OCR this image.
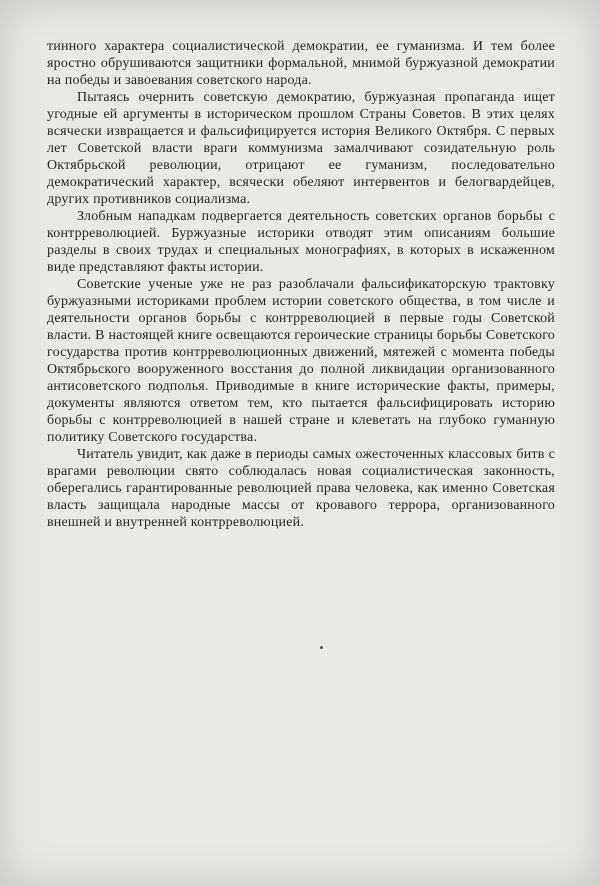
тинного характера социалистической демократии, ее гуманизма. И тем более яростно обрушиваются защитники формальной, мнимой буржуазной демократии на победы и завоевания советского народа.

Пытаясь очернить советскую демократию, буржуазная пропаганда ищет угодные ей аргументы в историческом прошлом Страны Советов. В этих целях всячески извращается и фальсифицируется история Великого Октября. С первых лет Советской власти враги коммунизма замалчивают созидательную роль Октябрьской революции, отрицают ее гуманизм, последовательно демократический характер, всячески обеляют интервентов и белогвардейцев, других противников социализма.

Злобным нападкам подвергается деятельность советских органов борьбы с контрреволюцией. Буржуазные историки отводят этим описаниям большие разделы в своих трудах и специальных монографиях, в которых в искаженном виде представляют факты истории.

Советские ученые уже не раз разоблачали фальсификаторскую трактовку буржуазными историками проблем истории советского общества, в том числе и деятельности органов борьбы с контрреволюцией в первые годы Советской власти. В настоящей книге освещаются героические страницы борьбы Советского государства против контрреволюционных движений, мятежей с момента победы Октябрьского вооруженного восстания до полной ликвидации организованного антисоветского подполья. Приводимые в книге исторические факты, примеры, документы являются ответом тем, кто пытается фальсифицировать историю борьбы с контрреволюцией в нашей стране и клеветать на глубоко гуманную политику Советского государства.

Читатель увидит, как даже в периоды самых ожесточенных классовых битв с врагами революции свято соблюдалась новая социалистическая законность, оберегались гарантированные революцией права человека, как именно Советская власть защищала народные массы от кровавого террора, организованного внешней и внутренней контрреволюцией.
